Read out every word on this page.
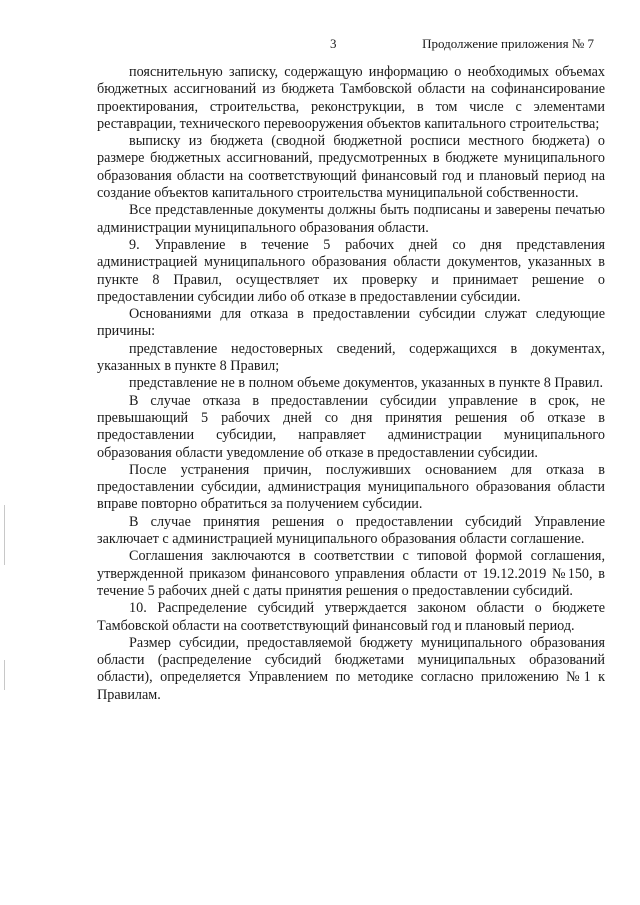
3	Продолжение приложения № 7

пояснительную записку, содержащую информацию о необходимых объемах бюджетных ассигнований из бюджета Тамбовской области на софинансирование проектирования, строительства, реконструкции, в том числе с элементами реставрации, технического перевооружения объектов капитального строительства;

выписку из бюджета (сводной бюджетной росписи местного бюджета) о размере бюджетных ассигнований, предусмотренных в бюджете муниципального образования области на соответствующий финансовый год и плановый период на создание объектов капитального строительства муниципальной собственности.

Все представленные документы должны быть подписаны и заверены печатью администрации муниципального образования области.

9. Управление в течение 5 рабочих дней со дня представления администрацией муниципального образования области документов, указанных в пункте 8 Правил, осуществляет их проверку и принимает решение о предоставлении субсидии либо об отказе в предоставлении субсидии.

Основаниями для отказа в предоставлении субсидии служат следующие причины:

представление недостоверных сведений, содержащихся в документах, указанных в пункте 8 Правил;

представление не в полном объеме документов, указанных в пункте 8 Правил.

В случае отказа в предоставлении субсидии управление в срок, не превышающий 5 рабочих дней со дня принятия решения об отказе в предоставлении субсидии, направляет администрации муниципального образования области уведомление об отказе в предоставлении субсидии.

После устранения причин, послуживших основанием для отказа в предоставлении субсидии, администрация муниципального образования области вправе повторно обратиться за получением субсидии.

В случае принятия решения о предоставлении субсидий Управление заключает с администрацией муниципального образования области соглашение.

Соглашения заключаются в соответствии с типовой формой соглашения, утвержденной приказом финансового управления области от 19.12.2019 №150, в течение 5 рабочих дней с даты принятия решения о предоставлении субсидий.

10. Распределение субсидий утверждается законом области о бюджете Тамбовской области на соответствующий финансовый год и плановый период.

Размер субсидии, предоставляемой бюджету муниципального образования области (распределение субсидий бюджетами муниципальных образований области), определяется Управлением по методике согласно приложению №1 к Правилам.
